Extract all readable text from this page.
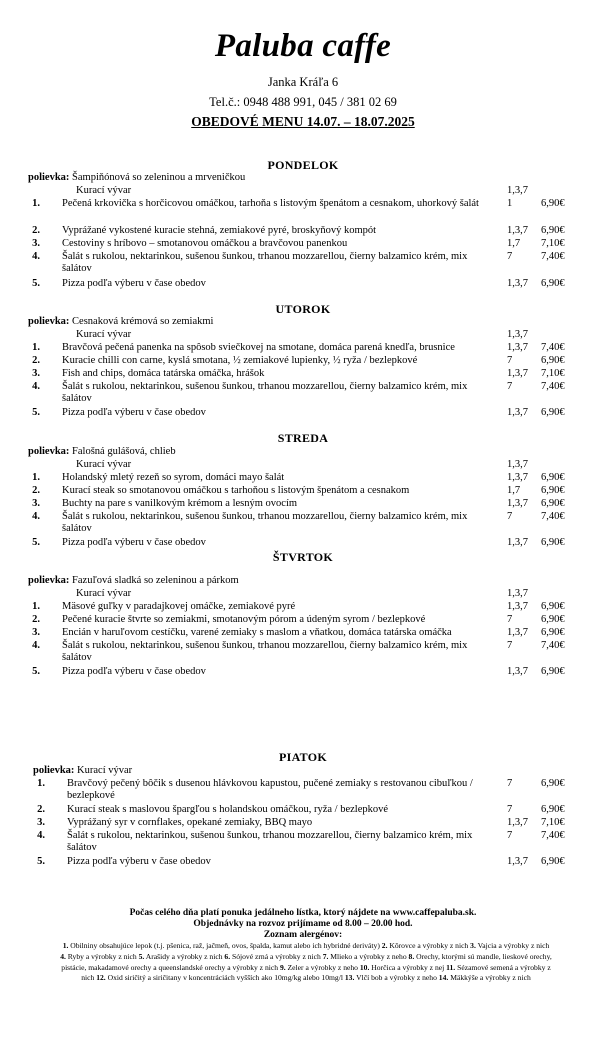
Paluba caffe
Janka Kráľa 6
Tel.č.: 0948 488 991, 045 / 381 02 69
OBEDOVÉ MENU 14.07. – 18.07.2025
PONDELOK
polievka: Šampiňónová so zeleninou a mrveničkou
Kurací vývar	1,3,7
1. Pečená krkovička s horčicovou omáčkou, tarhoňa s listovým špenátom a cesnakom, uhorkový šalát	1	6,90€
2. Vyprážané vykostené kuracie stehná, zemiakové pyré, broskyňový kompót	1,3,7 6,90€
3. Cestoviny s hríbovo – smotanovou omáčkou a bravčovou panenkou	1,7 7,10€
4. Šalát s rukolou, nektarinkou, sušenou šunkou, trhanou mozzarellou, čierny balzamico krém, mix šalátov
7	7,40€
5. Pizza podľa výberu v čase obedov	1,3,7 6,90€
UTOROK
polievka: Cesnaková krémová so zemiakmi
Kurací vývar	1,3,7
1. Bravčová pečená panenka na spôsob sviečkovej na smotane, domáca parená knedľa, brusnice	1,3,7 7,40€
2. Kuracie chilli con carne, kyslá smotana, ½ zemiakové lupienky, ½ ryža / bezlepkové	7	6,90€
3. Fish and chips, domáca tatárska omáčka, hrášok	1,3,7 7,10€
4. Šalát s rukolou, nektarinkou, sušenou šunkou, trhanou mozzarellou, čierny balzamico krém, mix šalátov
7	7,40€
5. Pizza podľa výberu v čase obedov	1,3,7 6,90€
STREDA
polievka: Falošná gulášová, chlieb
Kurací vývar	1,3,7
1. Holandský mletý rezeň so syrom, domáci mayo šalát	1,3,7 6,90€
2. Kurací steak so smotanovou omáčkou s tarhoňou s listovým špenátom a cesnakom	1,7 6,90€
3. Buchty na pare s vanilkovým krémom a lesným ovocím	1,3,7 6,90€
4. Šalát s rukolou, nektarinkou, sušenou šunkou, trhanou mozzarellou, čierny balzamico krém, mix šalátov
7	7,40€
5. Pizza podľa výberu v čase obedov	1,3,7 6,90€
ŠTVRTOK
polievka: Fazuľová sladká so zeleninou a párkom
Kurací vývar	1,3,7
1. Mäsové guľky v paradajkovej omáčke, zemiakové pyré	1,3,7 6,90€
2. Pečené kuracie štvrte so zemiakmi, smotanovým pórom a údeným syrom / bezlepkové	7	6,90€
3. Encián v haruľovom cestíčku, varené zemiaky s maslom a vňatkou, domáca tatárska omáčka	1,3,7 6,90€
4. Šalát s rukolou, nektarinkou, sušenou šunkou, trhanou mozzarellou, čierny balzamico krém, mix šalátov
7	7,40€
5. Pizza podľa výberu v čase obedov	1,3,7 6,90€
PIATOK
polievka: Kurací vývar
1. Bravčový pečený bôčik s dusenou hlávkovou kapustou, pučené zemiaky s restovanou cibuľkou / bezlepkové
7	6,90€
2. Kurací steak s maslovou špargľou s holandskou omáčkou, ryža / bezlepkové	7	6,90€
3. Vyprážaný syr v cornflakes, opekané zemiaky, BBQ mayo	1,3,7 7,10€
4. Šalát s rukolou, nektarinkou, sušenou šunkou, trhanou mozzarellou, čierny balzamico krém, mix šalátov
7	7,40€
5. Pizza podľa výberu v čase obedov	1,3,7 6,90€
Počas celého dňa platí ponuka jedálneho lístka, ktorý nájdete na www.caffepaluba.sk.
Objednávky na rozvoz prijímame od 8.00 – 20.00 hod.
Zoznam alergénov:
1. Obilniny obsahujúce lepok (t.j. pšenica, raž, jačmeň, ovos, špalda, kamut alebo ich hybridné deriváty) 2. Kôrovce a výrobky z nich 3. Vajcia a výrobky z nich 4. Ryby a výrobky z nich 5. Arašidy a výrobky z nich 6. Sójové zrná a výrobky z nich 7. Mlieko a výrobky z neho 8. Orechy, ktorými sú mandle, lieskové orechy, pistácie, makadamové orechy a queenslandské orechy a výrobky z nich 9. Zeler a výrobky z neho 10. Horčica a výrobky z nej 11. Sézamové semená a výrobky z nich 12. Oxid siričitý a siričitany v koncentráciách vyšších ako 10mg/kg alebo 10mg/l 13. Vlčí bob a výrobky z neho 14. Mäkkýše a výrobky z nich
